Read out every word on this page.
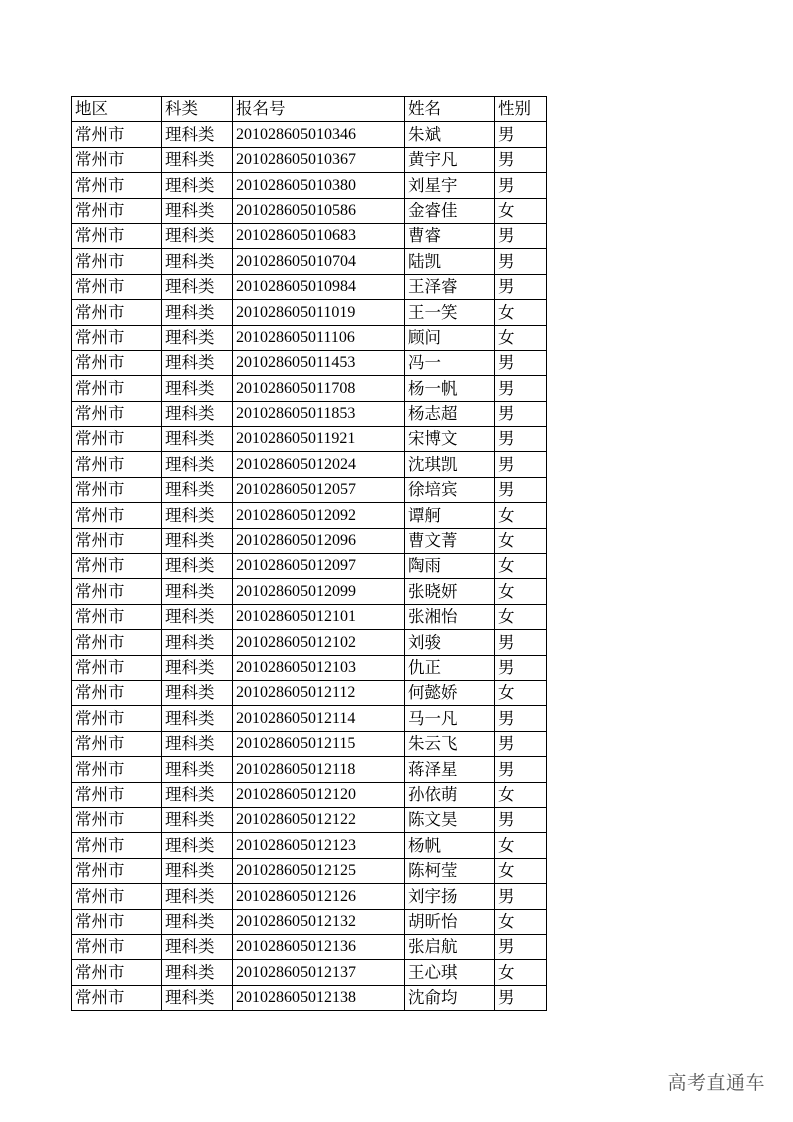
地区	科类	报名号	姓名	性别
常州市	理科类	201028605010346	朱斌	男
常州市	理科类	201028605010367	黄宇凡	男
常州市	理科类	201028605010380	刘星宇	男
常州市	理科类	201028605010586	金睿佳	女
常州市	理科类	201028605010683	曹睿	男
常州市	理科类	201028605010704	陆凯	男
常州市	理科类	201028605010984	王泽睿	男
常州市	理科类	201028605011019	王一笑	女
常州市	理科类	201028605011106	顾问	女
常州市	理科类	201028605011453	冯一	男
常州市	理科类	201028605011708	杨一帆	男
常州市	理科类	201028605011853	杨志超	男
常州市	理科类	201028605011921	宋博文	男
常州市	理科类	201028605012024	沈琪凯	男
常州市	理科类	201028605012057	徐培宾	男
常州市	理科类	201028605012092	谭舸	女
常州市	理科类	201028605012096	曹文菁	女
常州市	理科类	201028605012097	陶雨	女
常州市	理科类	201028605012099	张晓妍	女
常州市	理科类	201028605012101	张湘怡	女
常州市	理科类	201028605012102	刘骏	男
常州市	理科类	201028605012103	仇正	男
常州市	理科类	201028605012112	何懿娇	女
常州市	理科类	201028605012114	马一凡	男
常州市	理科类	201028605012115	朱云飞	男
常州市	理科类	201028605012118	蒋泽星	男
常州市	理科类	201028605012120	孙依萌	女
常州市	理科类	201028605012122	陈文昊	男
常州市	理科类	201028605012123	杨帆	女
常州市	理科类	201028605012125	陈柯莹	女
常州市	理科类	201028605012126	刘宇扬	男
常州市	理科类	201028605012132	胡昕怡	女
常州市	理科类	201028605012136	张启航	男
常州市	理科类	201028605012137	王心琪	女
常州市	理科类	201028605012138	沈俞均	男
高考直通车
